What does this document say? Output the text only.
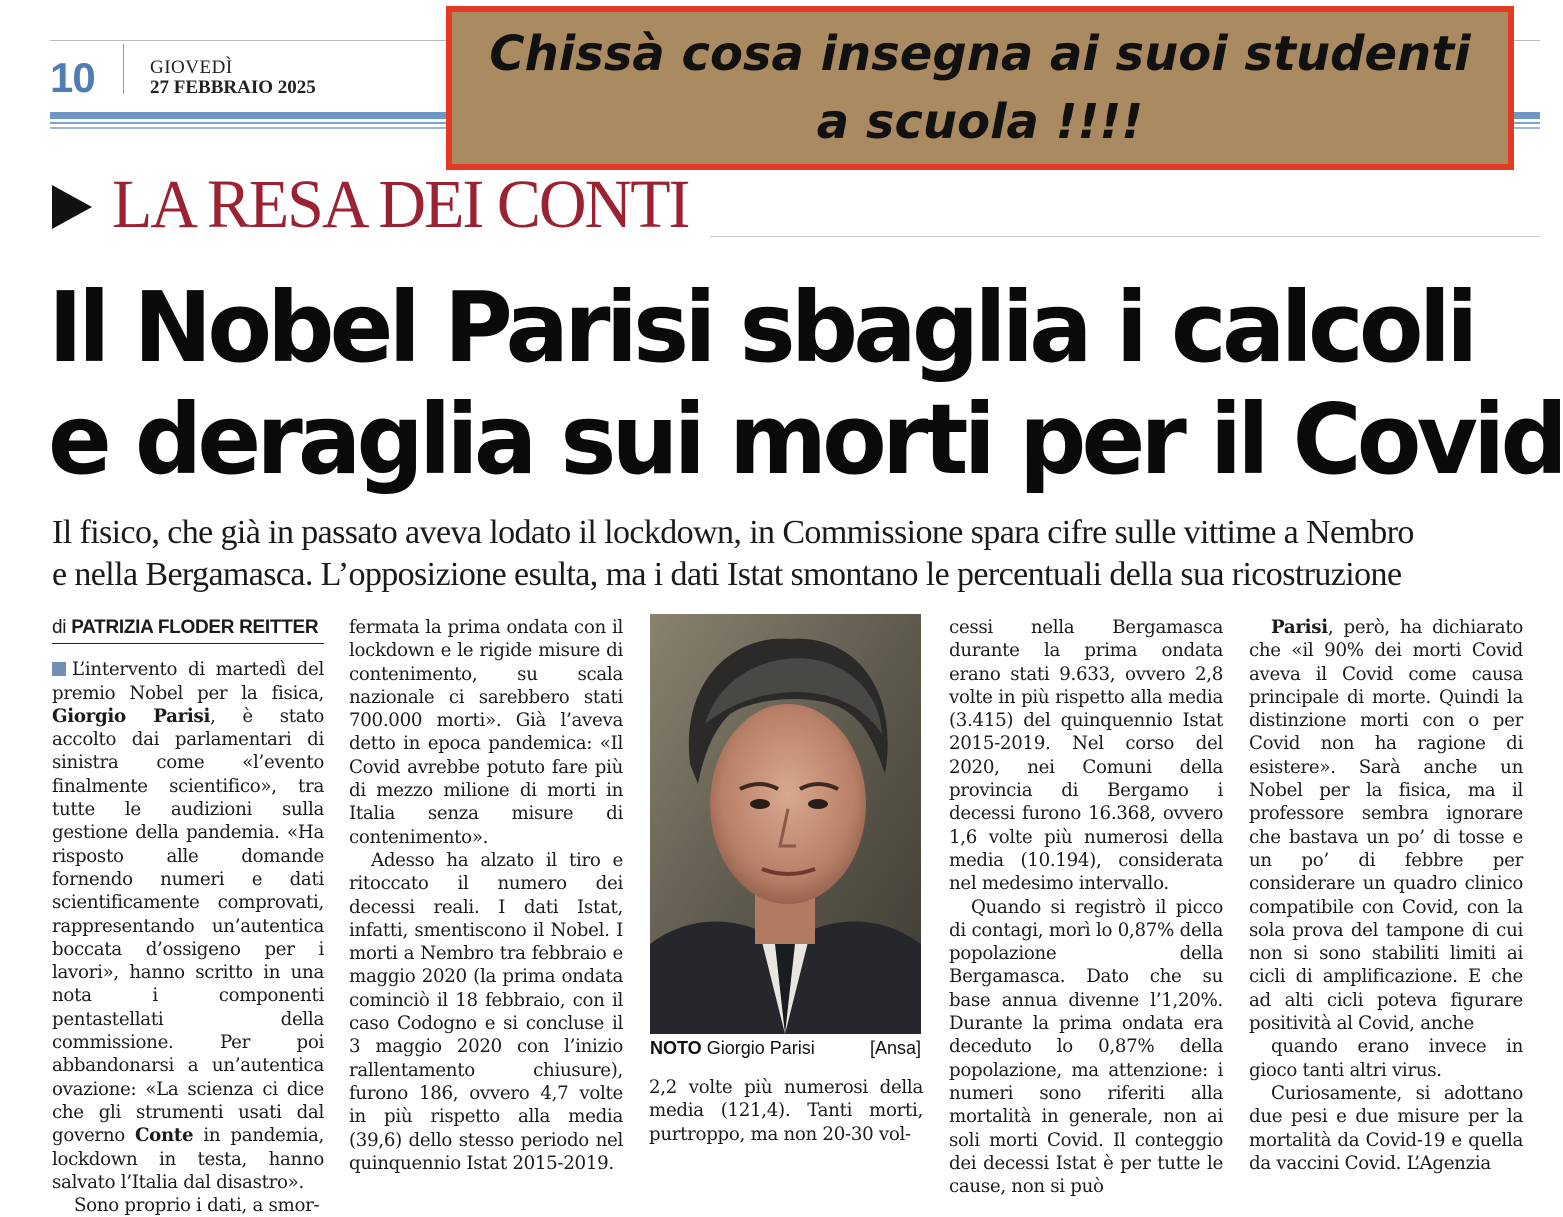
10	GIOVEDÌ
27 FEBBRAIO 2025
Chissà cosa insegna ai suoi studenti a scuola !!!!
LA RESA DEI CONTI
Il Nobel Parisi sbaglia i calcoli
e deraglia sui morti per il Covid
Il fisico, che già in passato aveva lodato il lockdown, in Commissione spara cifre sulle vittime a Nembro
e nella Bergamasca. L’opposizione esulta, ma i dati Istat smontano le percentuali della sua ricostruzione
di PATRIZIA FLODER REITTER

L’intervento di martedì del premio Nobel per la fisica, Giorgio Parisi, è stato accolto dai parlamentari di sinistra come «l’evento finalmente scientifico», tra tutte le audizioni sulla gestione della pandemia. «Ha risposto alle domande fornendo numeri e dati scientificamente comprovati, rappresentando un’autentica boccata d’ossigeno per i lavori», hanno scritto in una nota i componenti pentastellati della commissione. Per poi abbandonarsi a un’autentica ovazione: «La scienza ci dice che gli strumenti usati dal governo Conte in pandemia, lockdown in testa, hanno salvato l’Italia dal disastro».

Sono proprio i dati, a smor-

fermata la prima ondata con il lockdown e le rigide misure di contenimento, su scala nazionale ci sarebbero stati 700.000 morti». Già l’aveva detto in epoca pandemica: «Il Covid avrebbe potuto fare più di mezzo milione di morti in Italia senza misure di contenimento».

Adesso ha alzato il tiro e ritoccato il numero dei decessi reali. I dati Istat, infatti, smentiscono il Nobel. I morti a Nembro tra febbraio e maggio 2020 (la prima ondata cominciò il 18 febbraio, con il caso Codogno e si concluse il 3 maggio 2020 con l’inizio rallentamento chiusure), furono 186, ovvero 4,7 volte in più rispetto alla media (39,6) dello stesso periodo nel quinquennio Istat 2015-2019.

NOTO Giorgio Parisi	[Ansa]

2,2 volte più numerosi della media (121,4). Tanti morti, purtroppo, ma non 20-30 vol-

cessi nella Bergamasca durante la prima ondata erano stati 9.633, ovvero 2,8 volte in più rispetto alla media (3.415) del quinquennio Istat 2015-2019. Nel corso del 2020, nei Comuni della provincia di Bergamo i decessi furono 16.368, ovvero 1,6 volte più numerosi della media (10.194), considerata nel medesimo intervallo.

Quando si registrò il picco di contagi, morì lo 0,87% della popolazione della Bergamasca. Dato che su base annua divenne l’1,20%. Durante la prima ondata era deceduto lo 0,87% della popolazione, ma attenzione: i numeri sono riferiti alla mortalità in generale, non ai soli morti Covid. Il conteggio dei decessi Istat è per tutte le cause, non si può

Parisi, però, ha dichiarato che «il 90% dei morti Covid aveva il Covid come causa principale di morte. Quindi la distinzione morti con o per Covid non ha ragione di esistere». Sarà anche un Nobel per la fisica, ma il professore sembra ignorare che bastava un po’ di tosse e un po’ di febbre per considerare un quadro clinico compatibile con Covid, con la sola prova del tampone di cui non si sono stabiliti limiti ai cicli di amplificazione. E che ad alti cicli poteva figurare positività al Covid, anche

quando erano invece in gioco tanti altri virus.

Curiosamente, si adottano due pesi e due misure per la mortalità da Covid-19 e quella da vaccini Covid. L’Agenzia
